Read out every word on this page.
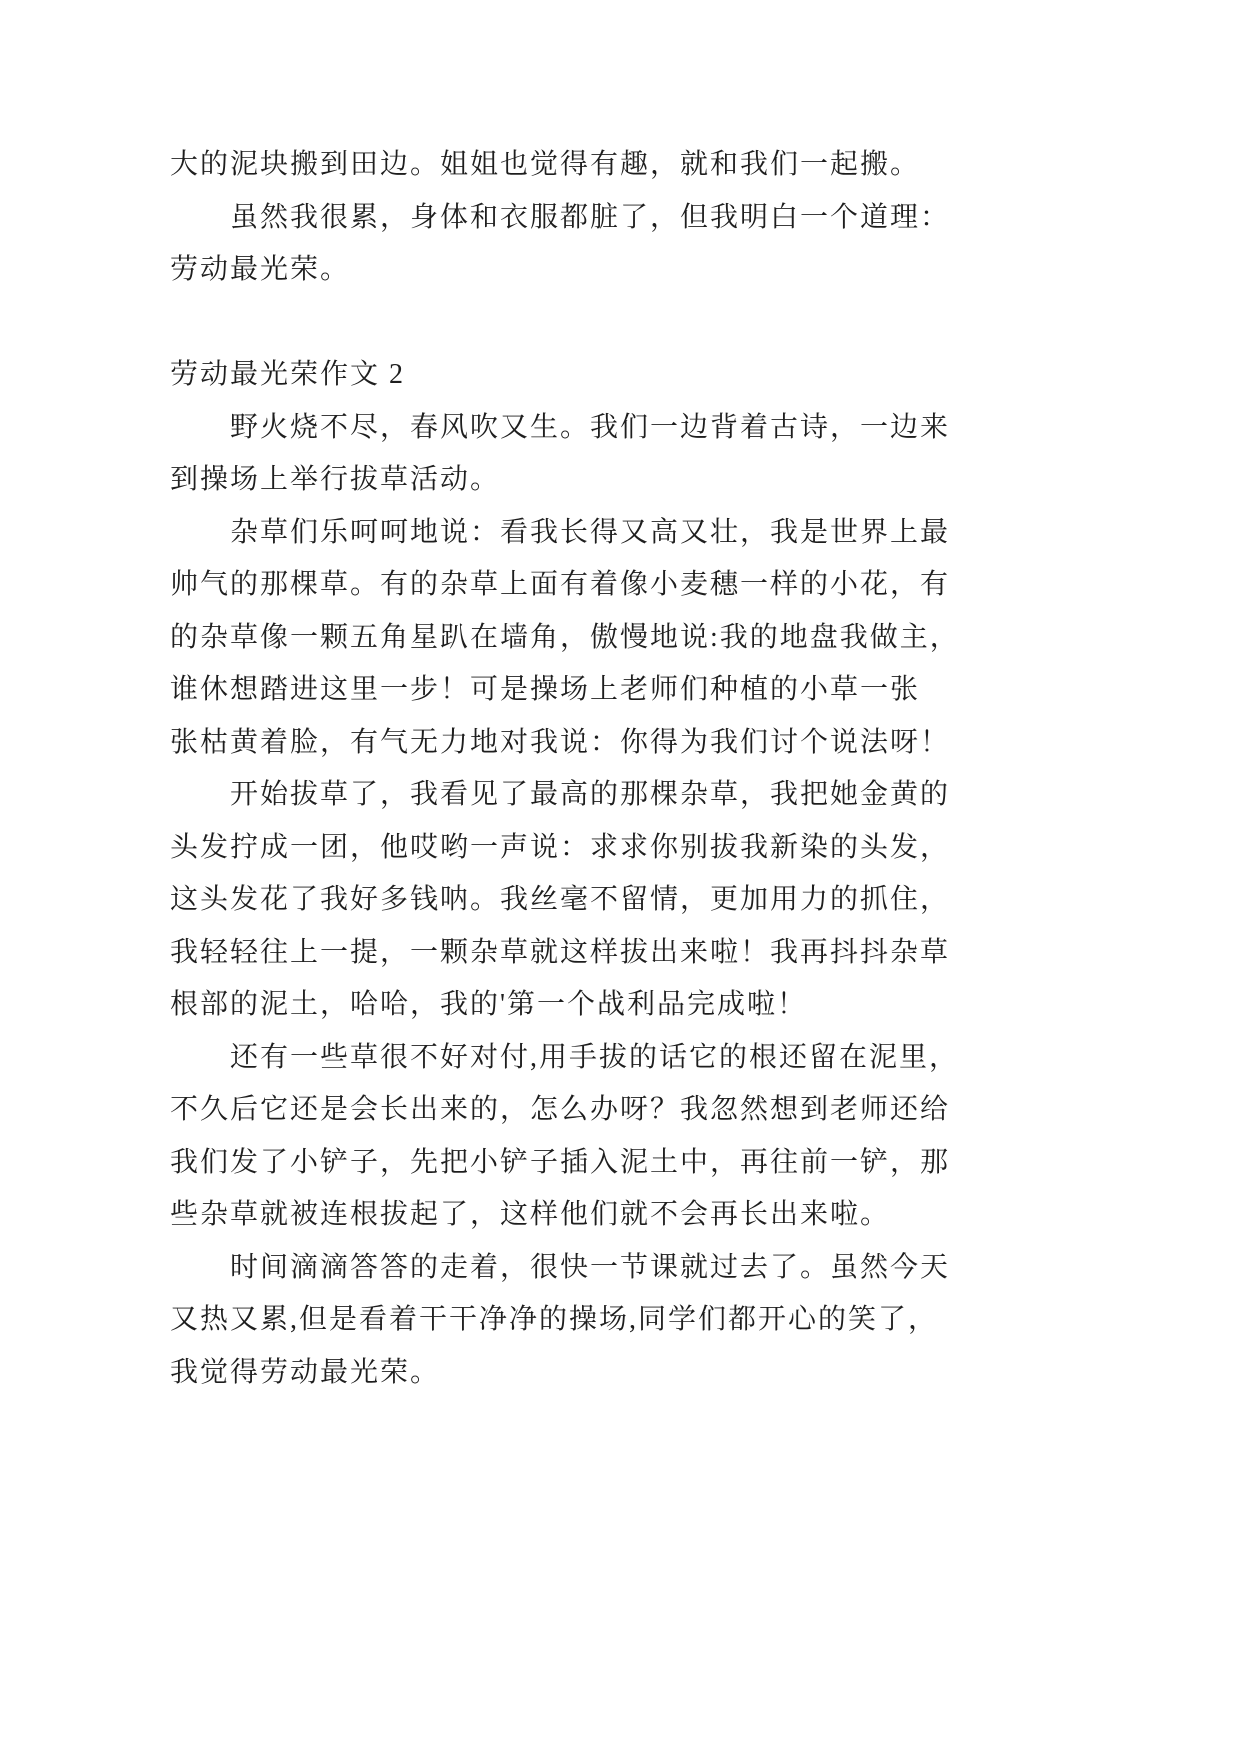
大的泥块搬到田边。姐姐也觉得有趣，就和我们一起搬。
虽然我很累，身体和衣服都脏了，但我明白一个道理：
劳动最光荣。
劳动最光荣作文 2
野火烧不尽，春风吹又生。我们一边背着古诗，一边来
到操场上举行拔草活动。
杂草们乐呵呵地说：看我长得又高又壮，我是世界上最
帅气的那棵草。有的杂草上面有着像小麦穗一样的小花，有
的杂草像一颗五角星趴在墙角，傲慢地说:我的地盘我做主，
谁休想踏进这里一步！可是操场上老师们种植的小草一张
张枯黄着脸，有气无力地对我说：你得为我们讨个说法呀！
开始拔草了，我看见了最高的那棵杂草，我把她金黄的
头发拧成一团，他哎哟一声说：求求你别拔我新染的头发，
这头发花了我好多钱呐。我丝毫不留情，更加用力的抓住，
我轻轻往上一提，一颗杂草就这样拔出来啦！我再抖抖杂草
根部的泥土，哈哈，我的'第一个战利品完成啦！
还有一些草很不好对付,用手拔的话它的根还留在泥里，
不久后它还是会长出来的，怎么办呀？我忽然想到老师还给
我们发了小铲子，先把小铲子插入泥土中，再往前一铲，那
些杂草就被连根拔起了，这样他们就不会再长出来啦。
时间滴滴答答的走着，很快一节课就过去了。虽然今天
又热又累,但是看着干干净净的操场,同学们都开心的笑了，
我觉得劳动最光荣。
